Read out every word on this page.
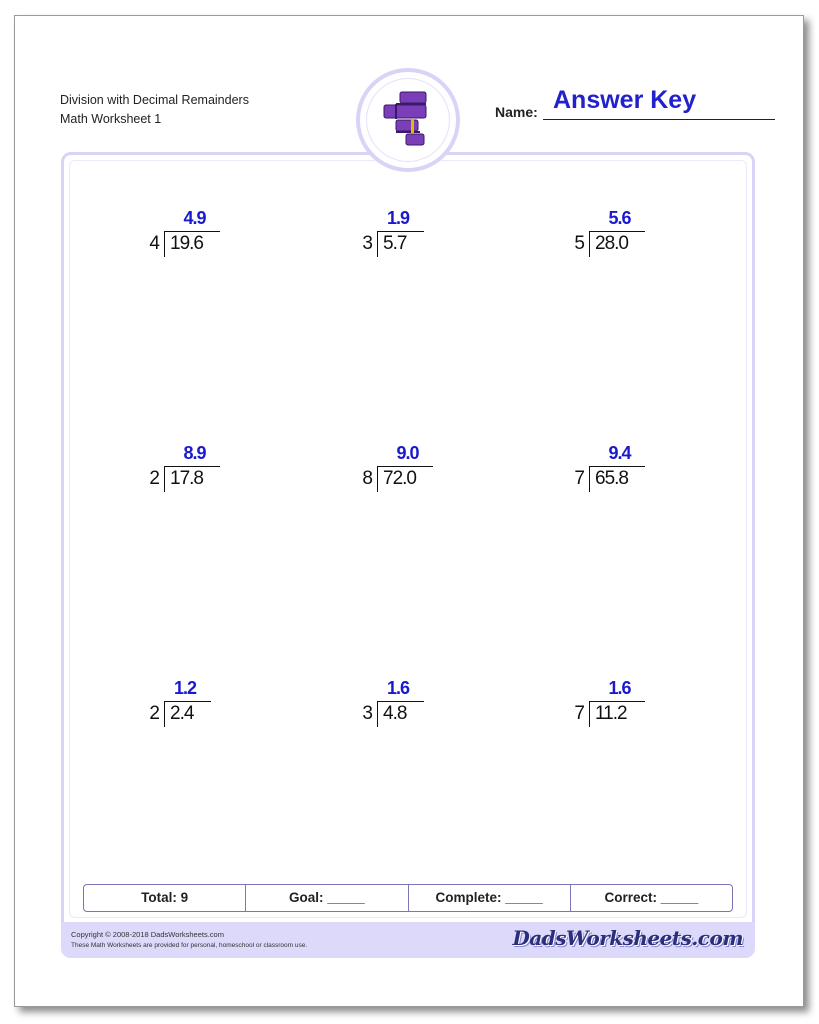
Division with Decimal Remainders
Math Worksheet 1	Name: Answer Key
4.9
4 19.6
1.9
3 5.7
5.6
5 28.0
8.9
2 17.8
9.0
8 72.0
9.4
7 65.8
1.2
2 2.4
1.6
3 4.8
1.6
7 11.2
Total: 9	Goal: _____	Complete: _____	Correct: _____
Copyright © 2008-2018 DadsWorksheets.com
These Math Worksheets are provided for personal, homeschool or classroom use.	DadsWorksheets.com
